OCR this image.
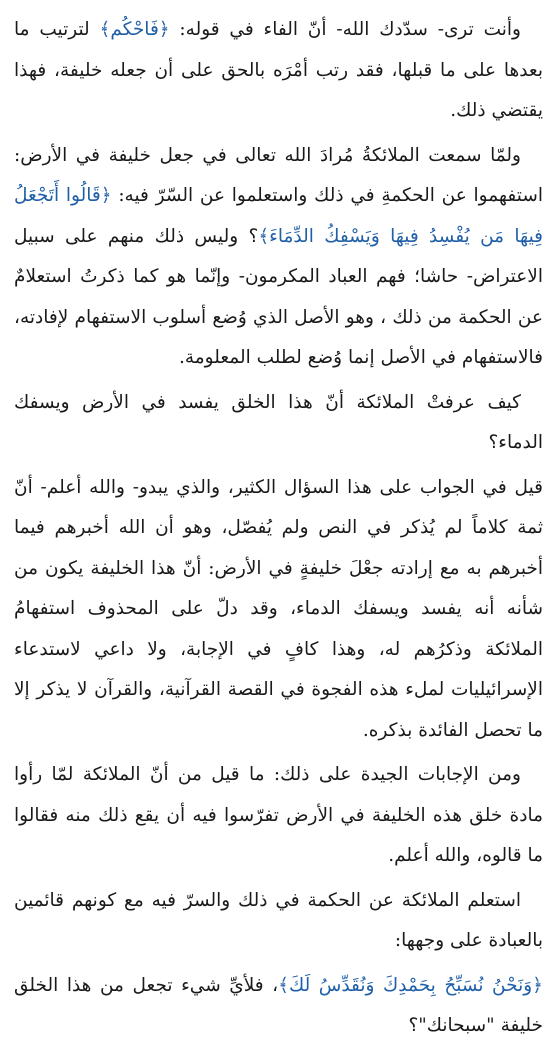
وأنت ترى- سدّدك الله- أنّ الفاء في قوله: ﴿فَاحْكُم﴾ لترتيب ما بعدها على ما قبلها، فقد رتب أمْرَه بالحق على أن جعله خليفة، فهذا يقتضي ذلك.

ولمّا سمعت الملائكةُ مُرادَ الله تعالى في جعل خليفة في الأرض: استفهموا عن الحكمةِ في ذلك واستعلموا عن السّرّ فيه: ﴿قَالُوا أَتَجْعَلُ فِيهَا مَن يُفْسِدُ فِيهَا وَيَسْفِكُ الدِّمَاءَ﴾؟ وليس ذلك منهم على سبيل الاعتراض- حاشا؛ فهم العباد المكرمون- وإنّما هو كما ذكرتُ استعلامٌ عن الحكمة من ذلك ، وهو الأصل الذي وُضع أسلوب الاستفهام لإفادته، فالاستفهام في الأصل إنما وُضع لطلب المعلومة.

كيف عرفتْ الملائكة أنّ هذا الخلق يفسد في الأرض ويسفك الدماء؟

قيل في الجواب على هذا السؤال الكثير، والذي يبدو- والله أعلم- أنّ ثمة كلاماً لم يُذكر في النص ولم يُفصّل، وهو أن الله أخبرهم فيما أخبرهم به مع إرادته جعْلَ خليفةٍ في الأرض: أنّ هذا الخليفة يكون من شأنه أنه يفسد ويسفك الدماء، وقد دلّ على المحذوف استفهامُ الملائكة وذكرُهم له، وهذا كافٍ في الإجابة، ولا داعي لاستدعاء الإسرائيليات لملء هذه الفجوة في القصة القرآنية، والقرآن لا يذكر إلا ما تحصل الفائدة بذكره.

ومن الإجابات الجيدة على ذلك: ما قيل من أنّ الملائكة لمّا رأوا مادة خلق هذه الخليفة في الأرض تفرّسوا فيه أن يقع ذلك منه فقالوا ما قالوه، والله أعلم.

استعلم الملائكة عن الحكمة في ذلك والسرّ فيه مع كونهم قائمين بالعبادة على وجهها:

﴿وَنَحْنُ نُسَبِّحُ بِحَمْدِكَ وَنُقَدِّسُ لَكَ﴾، فلأيِّ شيء تجعل من هذا الخلق خليفة "سبحانك"؟
